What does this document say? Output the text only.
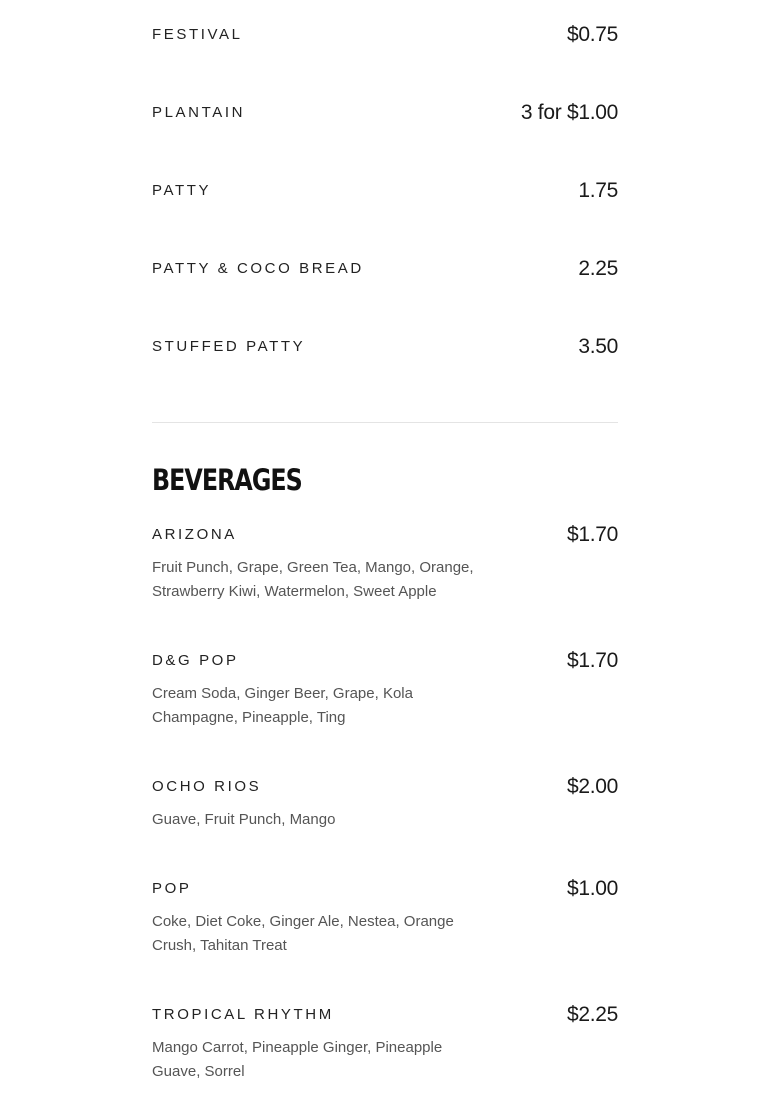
FESTIVAL	$0.75
PLANTAIN	3 for $1.00
PATTY	1.75
PATTY & COCO BREAD	2.25
STUFFED PATTY	3.50
BEVERAGES
ARIZONA	$1.70
Fruit Punch, Grape, Green Tea, Mango, Orange, Strawberry Kiwi, Watermelon, Sweet Apple
D&G POP	$1.70
Cream Soda, Ginger Beer, Grape, Kola Champagne, Pineapple, Ting
OCHO RIOS	$2.00
Guave, Fruit Punch, Mango
POP	$1.00
Coke, Diet Coke, Ginger Ale, Nestea, Orange Crush, Tahitan Treat
TROPICAL RHYTHM	$2.25
Mango Carrot, Pineapple Ginger, Pineapple Guave, Sorrel
